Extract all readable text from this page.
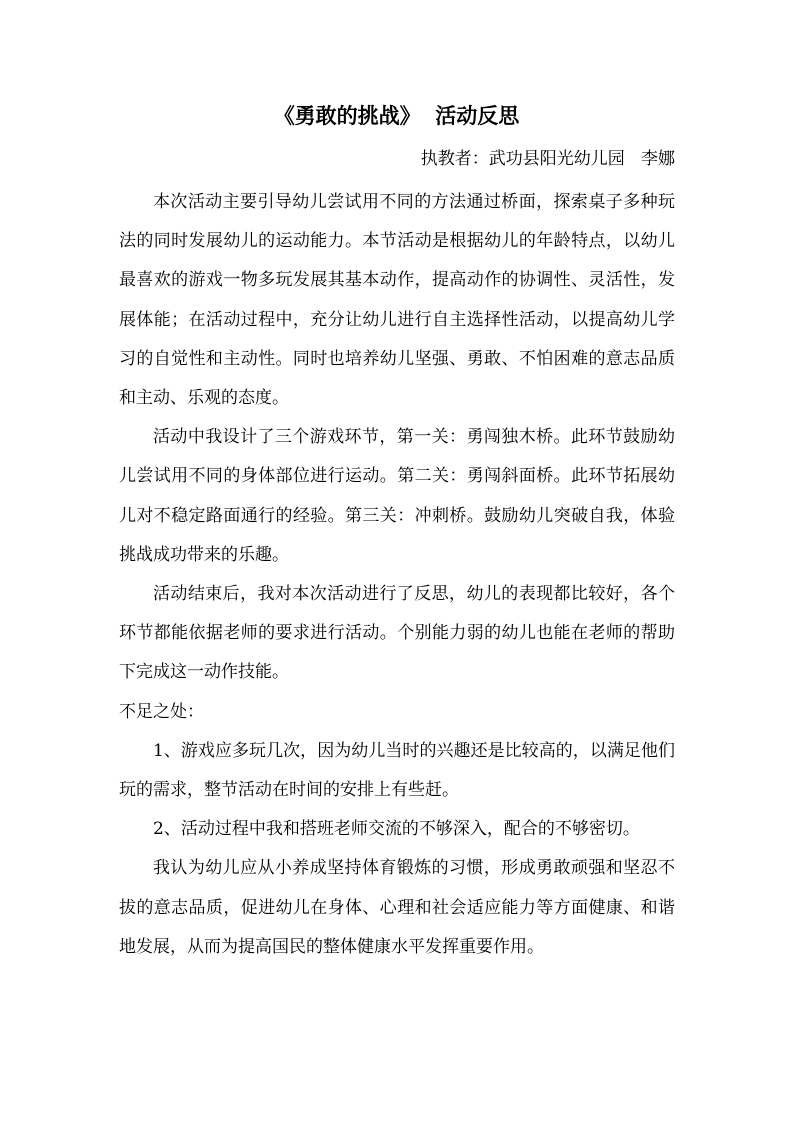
《勇敢的挑战》  活动反思
执教者：武功县阳光幼儿园   李娜

本次活动主要引导幼儿尝试用不同的方法通过桥面，探索桌子多种玩法的同时发展幼儿的运动能力。本节活动是根据幼儿的年龄特点，以幼儿最喜欢的游戏一物多玩发展其基本动作，提高动作的协调性、灵活性，发展体能；在活动过程中，充分让幼儿进行自主选择性活动，以提高幼儿学习的自觉性和主动性。同时也培养幼儿坚强、勇敢、不怕困难的意志品质和主动、乐观的态度。

活动中我设计了三个游戏环节，第一关：勇闯独木桥。此环节鼓励幼儿尝试用不同的身体部位进行运动。第二关：勇闯斜面桥。此环节拓展幼儿对不稳定路面通行的经验。第三关：冲刺桥。鼓励幼儿突破自我，体验挑战成功带来的乐趣。

活动结束后，我对本次活动进行了反思，幼儿的表现都比较好，各个环节都能依据老师的要求进行活动。个别能力弱的幼儿也能在老师的帮助下完成这一动作技能。

不足之处：

1、游戏应多玩几次，因为幼儿当时的兴趣还是比较高的，以满足他们玩的需求，整节活动在时间的安排上有些赶。

2、活动过程中我和搭班老师交流的不够深入，配合的不够密切。

我认为幼儿应从小养成坚持体育锻炼的习惯，形成勇敢顽强和坚忍不拔的意志品质，促进幼儿在身体、心理和社会适应能力等方面健康、和谐地发展，从而为提高国民的整体健康水平发挥重要作用。
